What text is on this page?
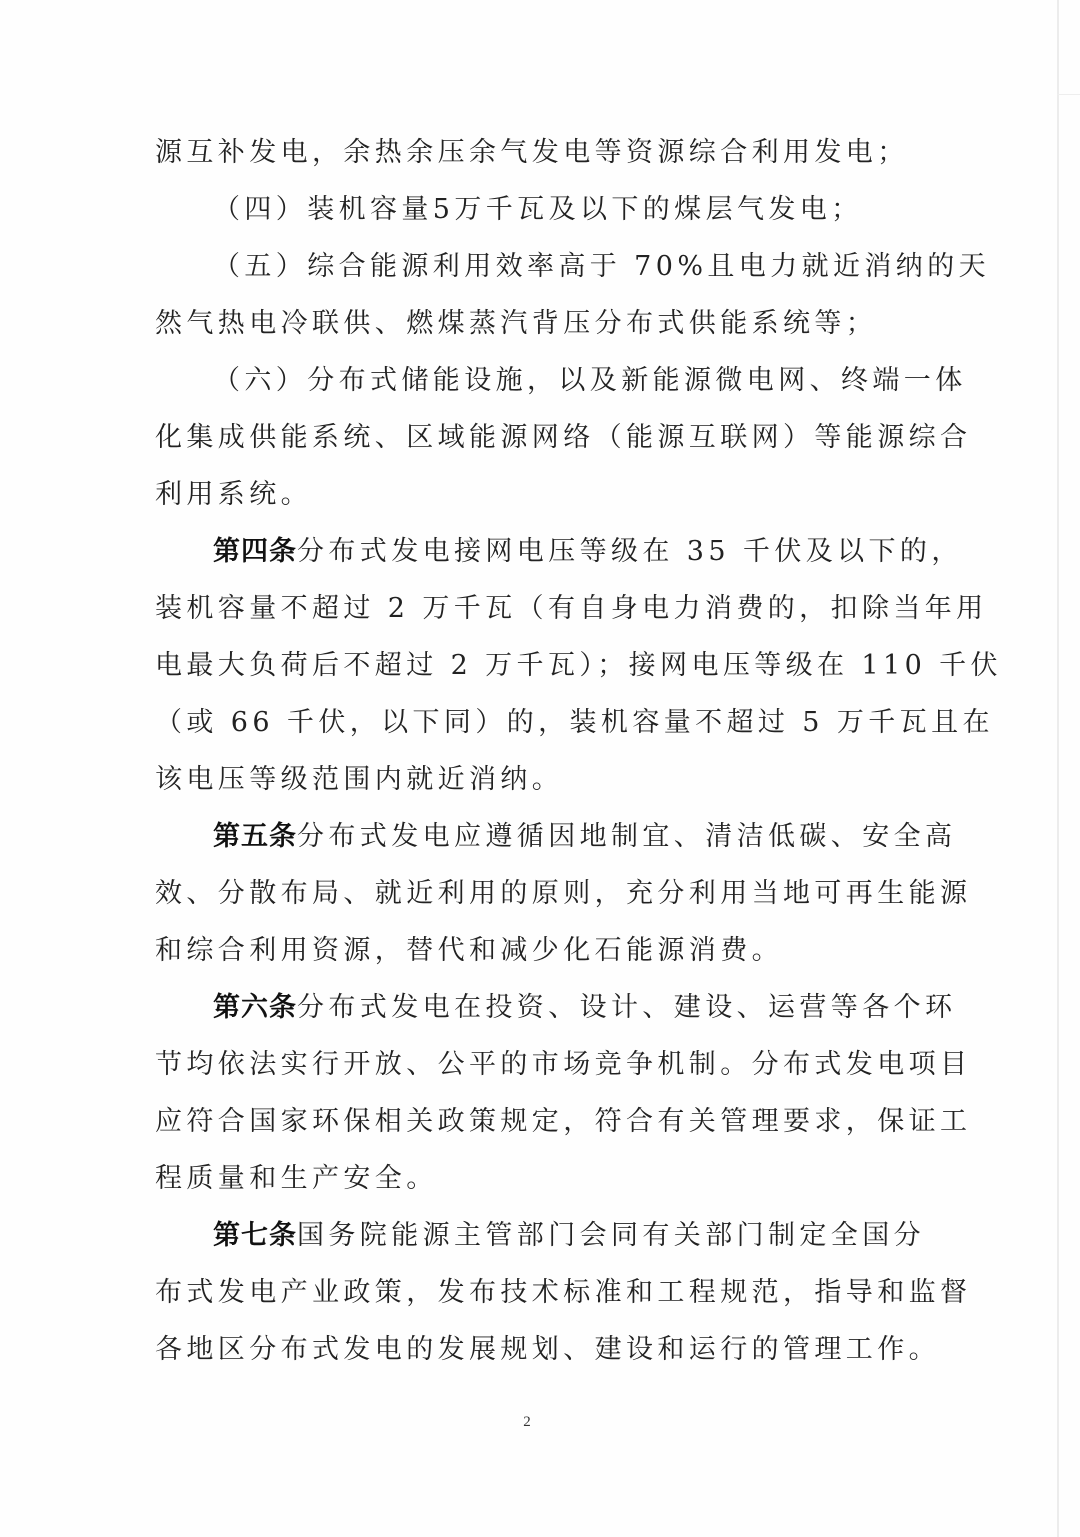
源互补发电，余热余压余气发电等资源综合利用发电；
（四）装机容量5万千瓦及以下的煤层气发电；
（五）综合能源利用效率高于 70%且电力就近消纳的天
然气热电冷联供、燃煤蒸汽背压分布式供能系统等；
（六）分布式储能设施，以及新能源微电网、终端一体
化集成供能系统、区域能源网络（能源互联网）等能源综合
利用系统。
第四条分布式发电接网电压等级在 35 千伏及以下的，
装机容量不超过 2 万千瓦（有自身电力消费的，扣除当年用
电最大负荷后不超过 2 万千瓦）；接网电压等级在 110 千伏
（或 66 千伏，以下同）的，装机容量不超过 5 万千瓦且在
该电压等级范围内就近消纳。
第五条分布式发电应遵循因地制宜、清洁低碳、安全高
效、分散布局、就近利用的原则，充分利用当地可再生能源
和综合利用资源，替代和减少化石能源消费。
第六条分布式发电在投资、设计、建设、运营等各个环
节均依法实行开放、公平的市场竞争机制。分布式发电项目
应符合国家环保相关政策规定，符合有关管理要求，保证工
程质量和生产安全。
第七条国务院能源主管部门会同有关部门制定全国分
布式发电产业政策，发布技术标准和工程规范，指导和监督
各地区分布式发电的发展规划、建设和运行的管理工作。
2
